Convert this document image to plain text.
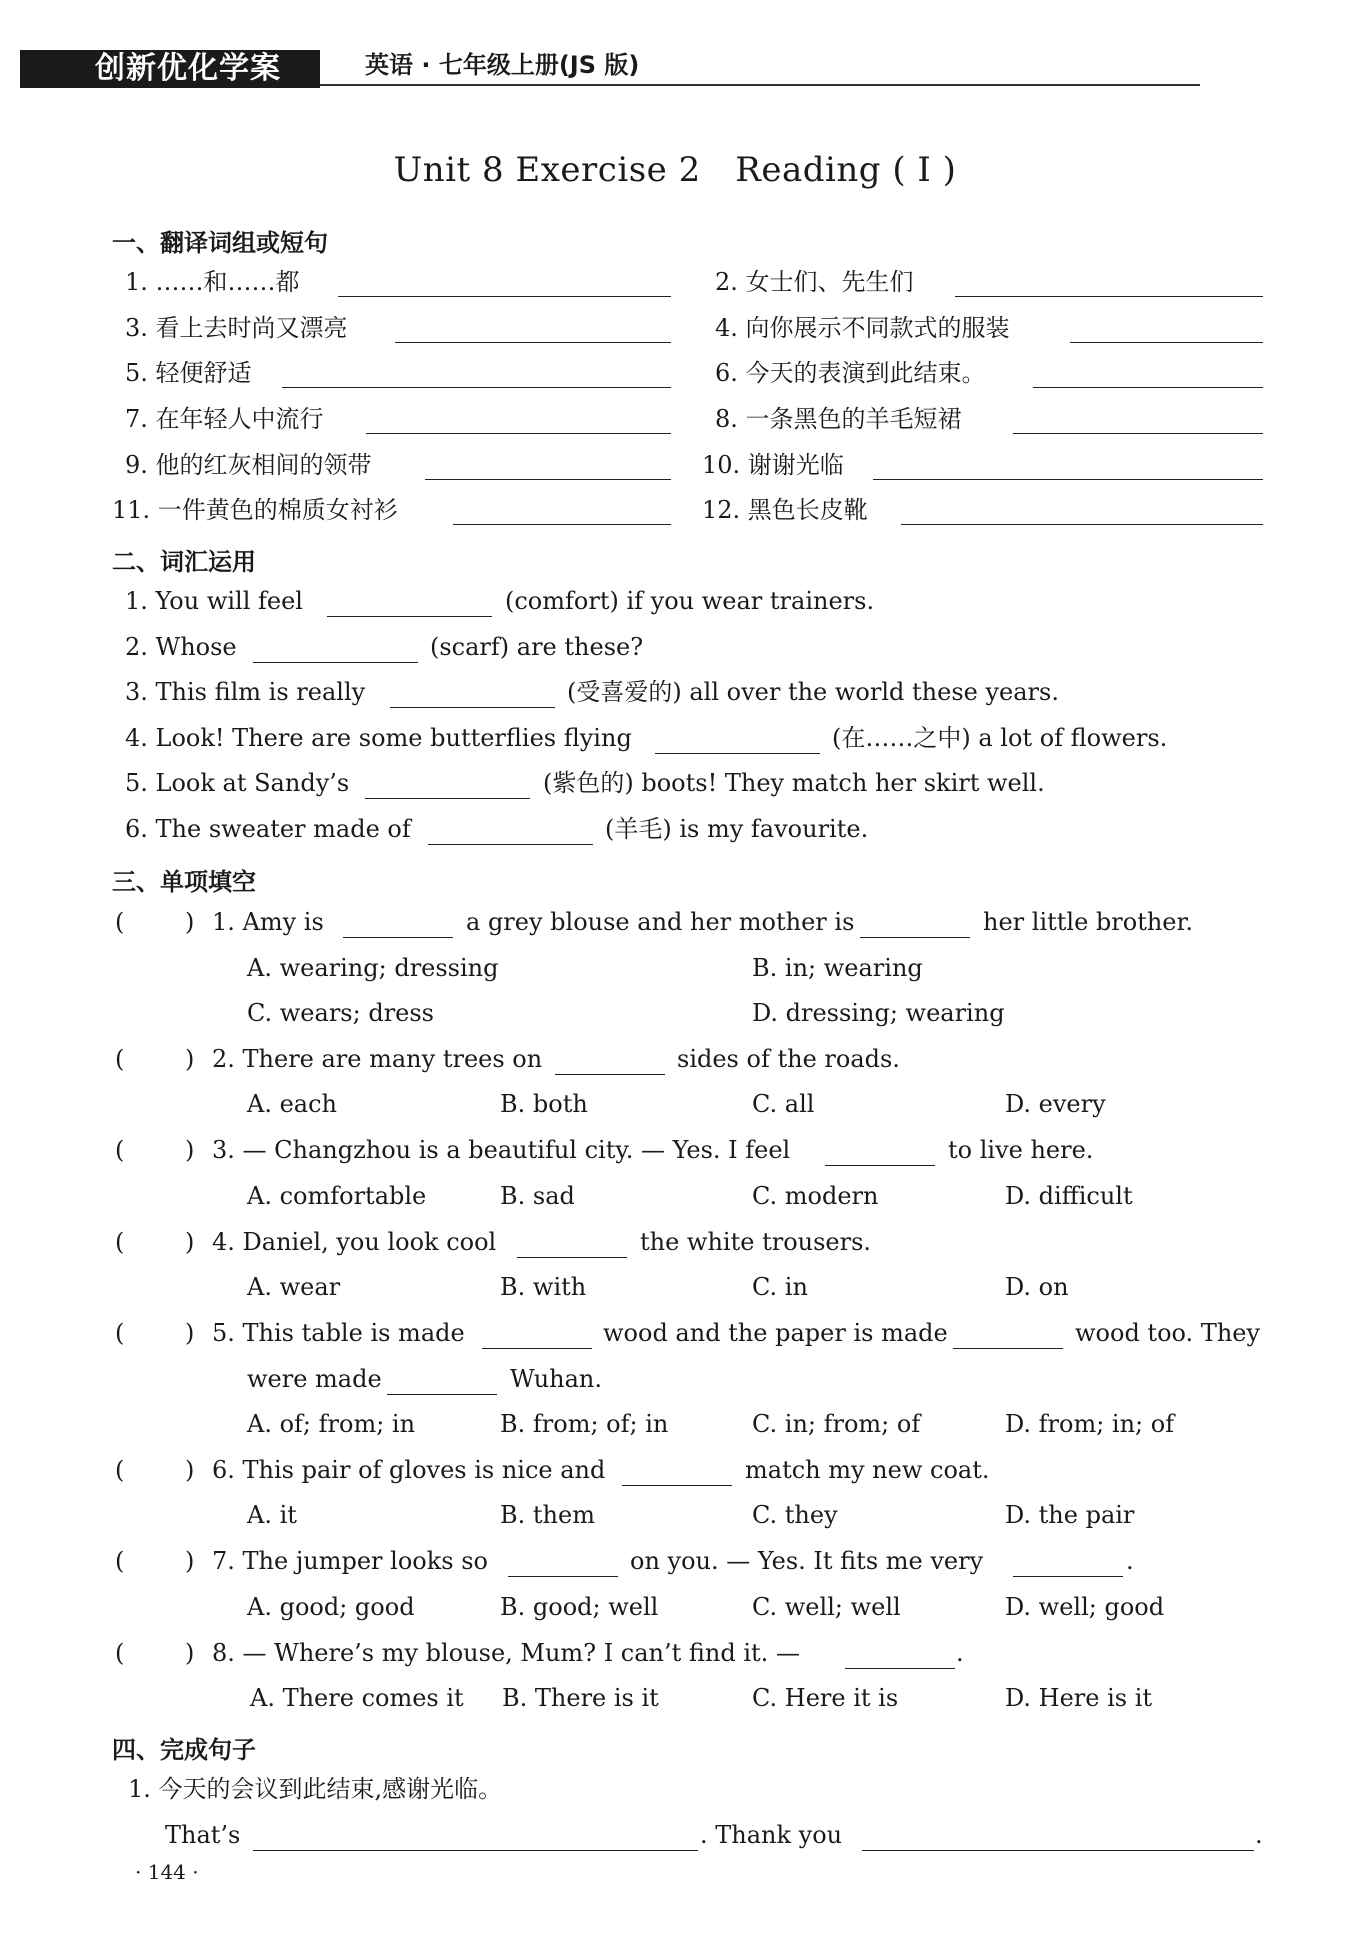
创新优化学案	英语 · 七年级上册(JS 版)
Unit 8 Exercise 2　Reading ( Ⅰ )
一、翻译词组或短句
1. ……和……都	2. 女士们、先生们
3. 看上去时尚又漂亮	4. 向你展示不同款式的服装
5. 轻便舒适	6. 今天的表演到此结束。
7. 在年轻人中流行	8. 一条黑色的羊毛短裙
9. 他的红灰相间的领带	10. 谢谢光临
11. 一件黄色的棉质女衬衫	12. 黑色长皮靴
二、词汇运用
1. You will feel	(comfort) if you wear trainers.
2. Whose	(scarf) are these?
3. This film is really	(受喜爱的) all over the world these years.
4. Look! There are some butterflies flying	(在……之中) a lot of flowers.
5. Look at Sandy’s	(紫色的) boots! They match her skirt well.
6. The sweater made of	(羊毛) is my favourite.
三、单项填空
(	) 1. Amy is	a grey blouse and her mother is	her little brother.
A. wearing; dressing	B. in; wearing
C. wears; dress	D. dressing; wearing
(	) 2. There are many trees on	sides of the roads.
A. each	B. both	C. all	D. every
(	) 3. — Changzhou is a beautiful city. — Yes. I feel	to live here.
A. comfortable	B. sad	C. modern	D. difficult
(	) 4. Daniel, you look cool	the white trousers.
A. wear	B. with	C. in	D. on
(	) 5. This table is made	wood and the paper is made	wood too. They
were made	Wuhan.
A. of; from; in	B. from; of; in	C. in; from; of	D. from; in; of
(	) 6. This pair of gloves is nice and	match my new coat.
A. it	B. them	C. they	D. the pair
(	) 7. The jumper looks so	on you. — Yes. It fits me very	.
A. good; good	B. good; well	C. well; well	D. well; good
(	) 8. — Where’s my blouse, Mum? I can’t find it. —	.
A. There comes it B. There is it	C. Here it is	D. Here is it
四、完成句子
1. 今天的会议到此结束,感谢光临。
That’s	. Thank you	.
· 144 ·
